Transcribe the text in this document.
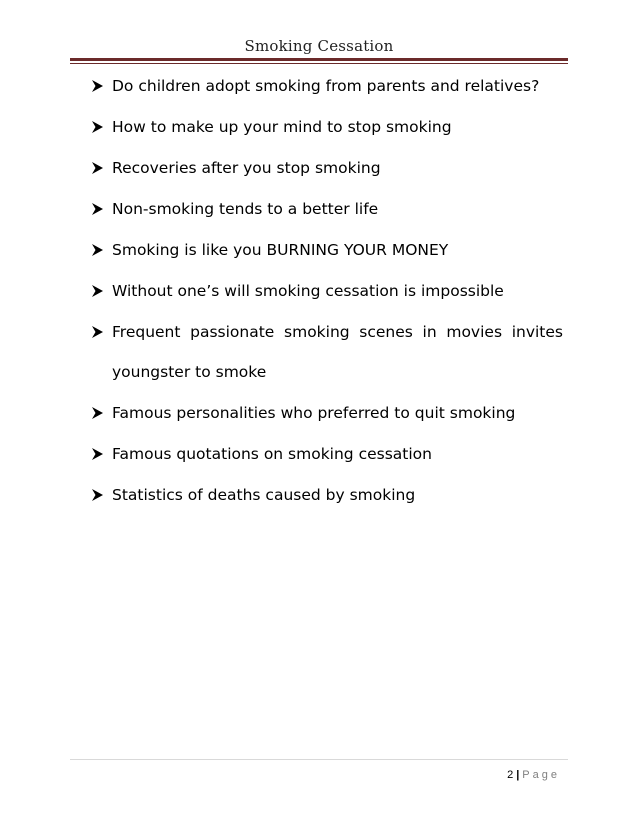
Smoking Cessation
Do children adopt smoking from parents and relatives?
How to make up your mind to stop smoking
Recoveries after you stop smoking
Non-smoking tends to a better life
Smoking is like you BURNING YOUR MONEY
Without one’s will smoking cessation is impossible
Frequent passionate smoking scenes in movies invites youngster to smoke
Famous personalities who preferred to quit smoking
Famous quotations on smoking cessation
Statistics of deaths caused by smoking
2 | Page
